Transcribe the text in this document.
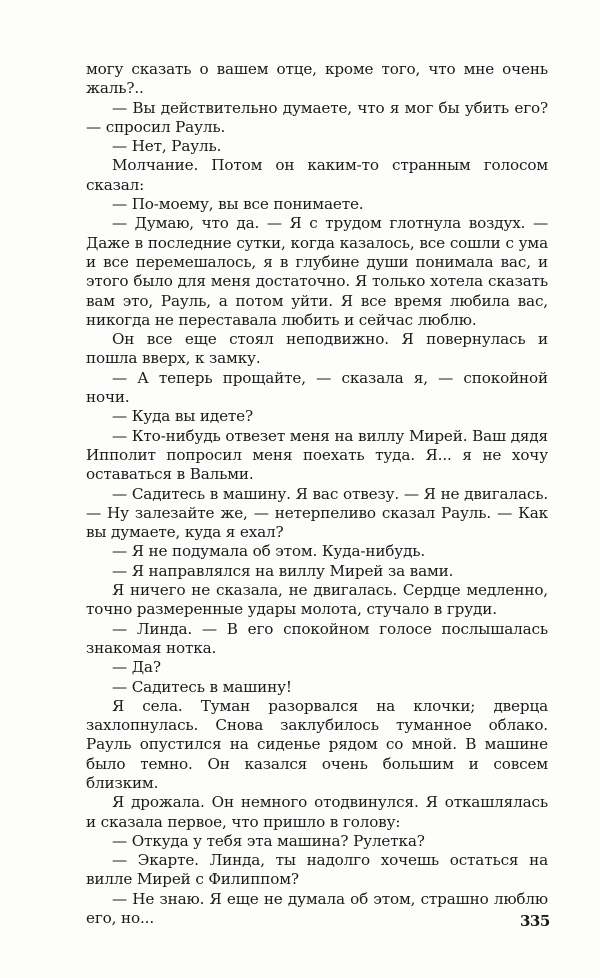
могу сказать о вашем отце, кроме того, что мне очень жаль?..

— Вы действительно думаете, что я мог бы убить его? — спросил Рауль.

— Нет, Рауль.

Молчание. Потом он каким-то странным голосом сказал:

— По-моему, вы все понимаете.

— Думаю, что да. — Я с трудом глотнула воздух. — Даже в последние сутки, когда казалось, все сошли с ума и все перемешалось, я в глубине души понимала вас, и этого было для меня достаточно. Я только хотела сказать вам это, Рауль, а потом уйти. Я все время любила вас, никогда не переставала любить и сейчас люблю.

Он все еще стоял неподвижно. Я повернулась и пошла вверх, к замку.

— А теперь прощайте, — сказала я, — спокойной ночи.

— Куда вы идете?

— Кто-нибудь отвезет меня на виллу Мирей. Ваш дядя Ипполит попросил меня поехать туда. Я... я не хочу оставаться в Вальми.

— Садитесь в машину. Я вас отвезу. — Я не двигалась. — Ну залезайте же, — нетерпеливо сказал Рауль. — Как вы думаете, куда я ехал?

— Я не подумала об этом. Куда-нибудь.

— Я направлялся на виллу Мирей за вами.

Я ничего не сказала, не двигалась. Сердце медленно, точно размеренные удары молота, стучало в груди.

— Линда. — В его спокойном голосе послышалась знакомая нотка.

— Да?

— Садитесь в машину!

Я села. Туман разорвался на клочки; дверца захлопнулась. Снова заклубилось туманное облако. Рауль опустился на сиденье рядом со мной. В машине было темно. Он казался очень большим и совсем близким.

Я дрожала. Он немного отодвинулся. Я откашлялась и сказала первое, что пришло в голову:

— Откуда у тебя эта машина? Рулетка?

— Экарте. Линда, ты надолго хочешь остаться на вилле Мирей с Филиппом?

— Не знаю. Я еще не думала об этом, страшно люблю его, но...	335
